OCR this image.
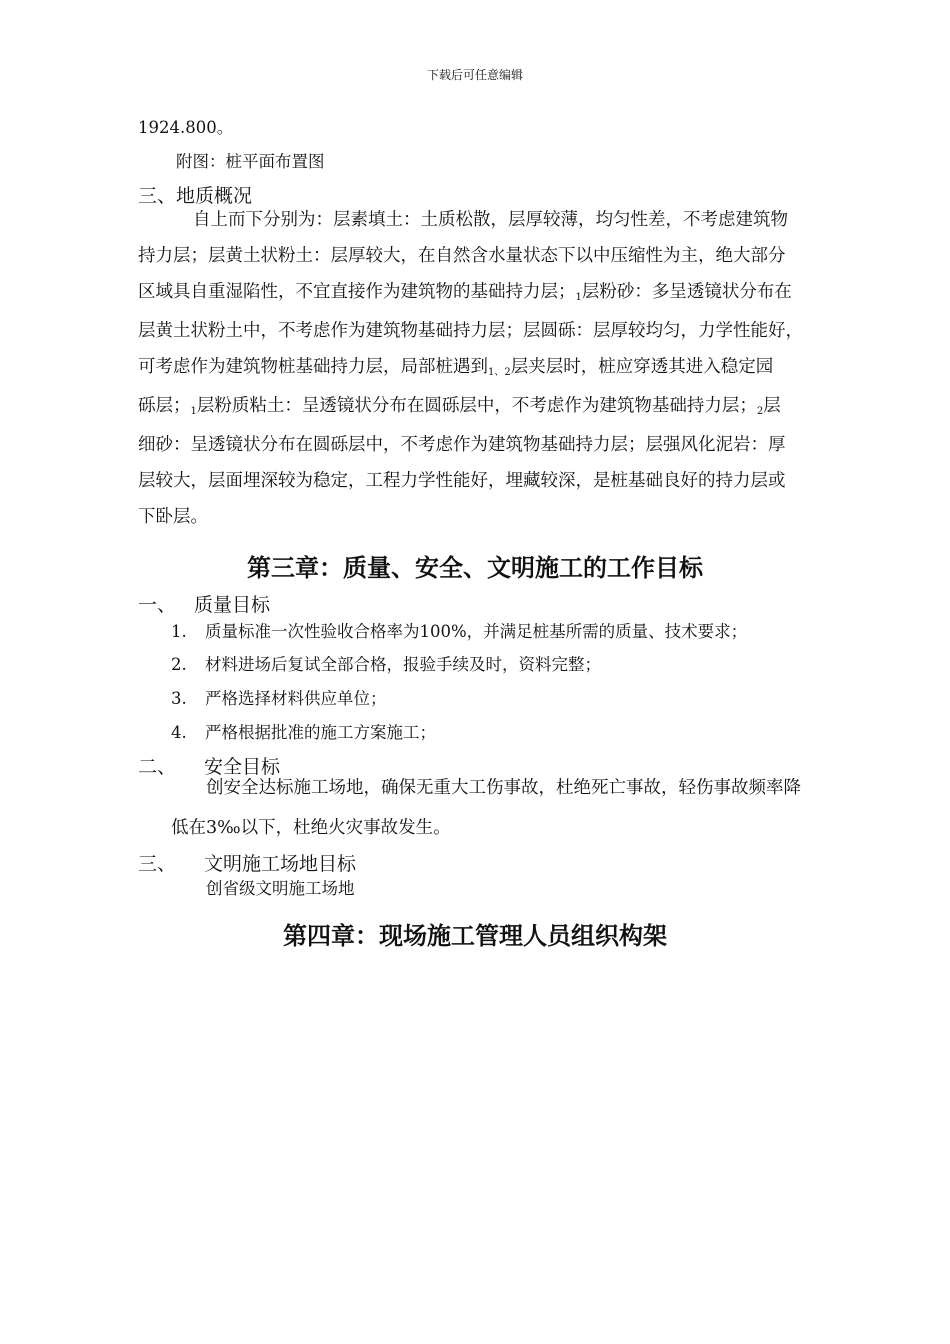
下载后可任意编辑
1924.800。
附图：桩平面布置图
三、地质概况
自上而下分别为：层素填土：土质松散，层厚较薄，均匀性差，不考虑建筑物
持力层；层黄土状粉土：层厚较大，在自然含水量状态下以中压缩性为主，绝大部分
区域具自重湿陷性，不宜直接作为建筑物的基础持力层；1层粉砂：多呈透镜状分布在
层黄土状粉土中，不考虑作为建筑物基础持力层；层圆砾：层厚较均匀，力学性能好，
可考虑作为建筑物桩基础持力层，局部桩遇到1、2层夹层时，桩应穿透其进入稳定园
砾层；1层粉质粘土：呈透镜状分布在圆砾层中，不考虑作为建筑物基础持力层；2层
细砂：呈透镜状分布在圆砾层中，不考虑作为建筑物基础持力层；层强风化泥岩：厚
层较大，层面埋深较为稳定，工程力学性能好，埋藏较深，是桩基础良好的持力层或
下卧层。
第三章：质量、安全、文明施工的工作目标
一、 质量目标
1. 质量标准一次性验收合格率为100%，并满足桩基所需的质量、技术要求；
2. 材料进场后复试全部合格，报验手续及时，资料完整；
3. 严格选择材料供应单位；
4. 严格根据批准的施工方案施工；
二、 安全目标
创安全达标施工场地，确保无重大工伤事故，杜绝死亡事故，轻伤事故频率降
低在3‰以下，杜绝火灾事故发生。
三、 文明施工场地目标
创省级文明施工场地
第四章：现场施工管理人员组织构架
